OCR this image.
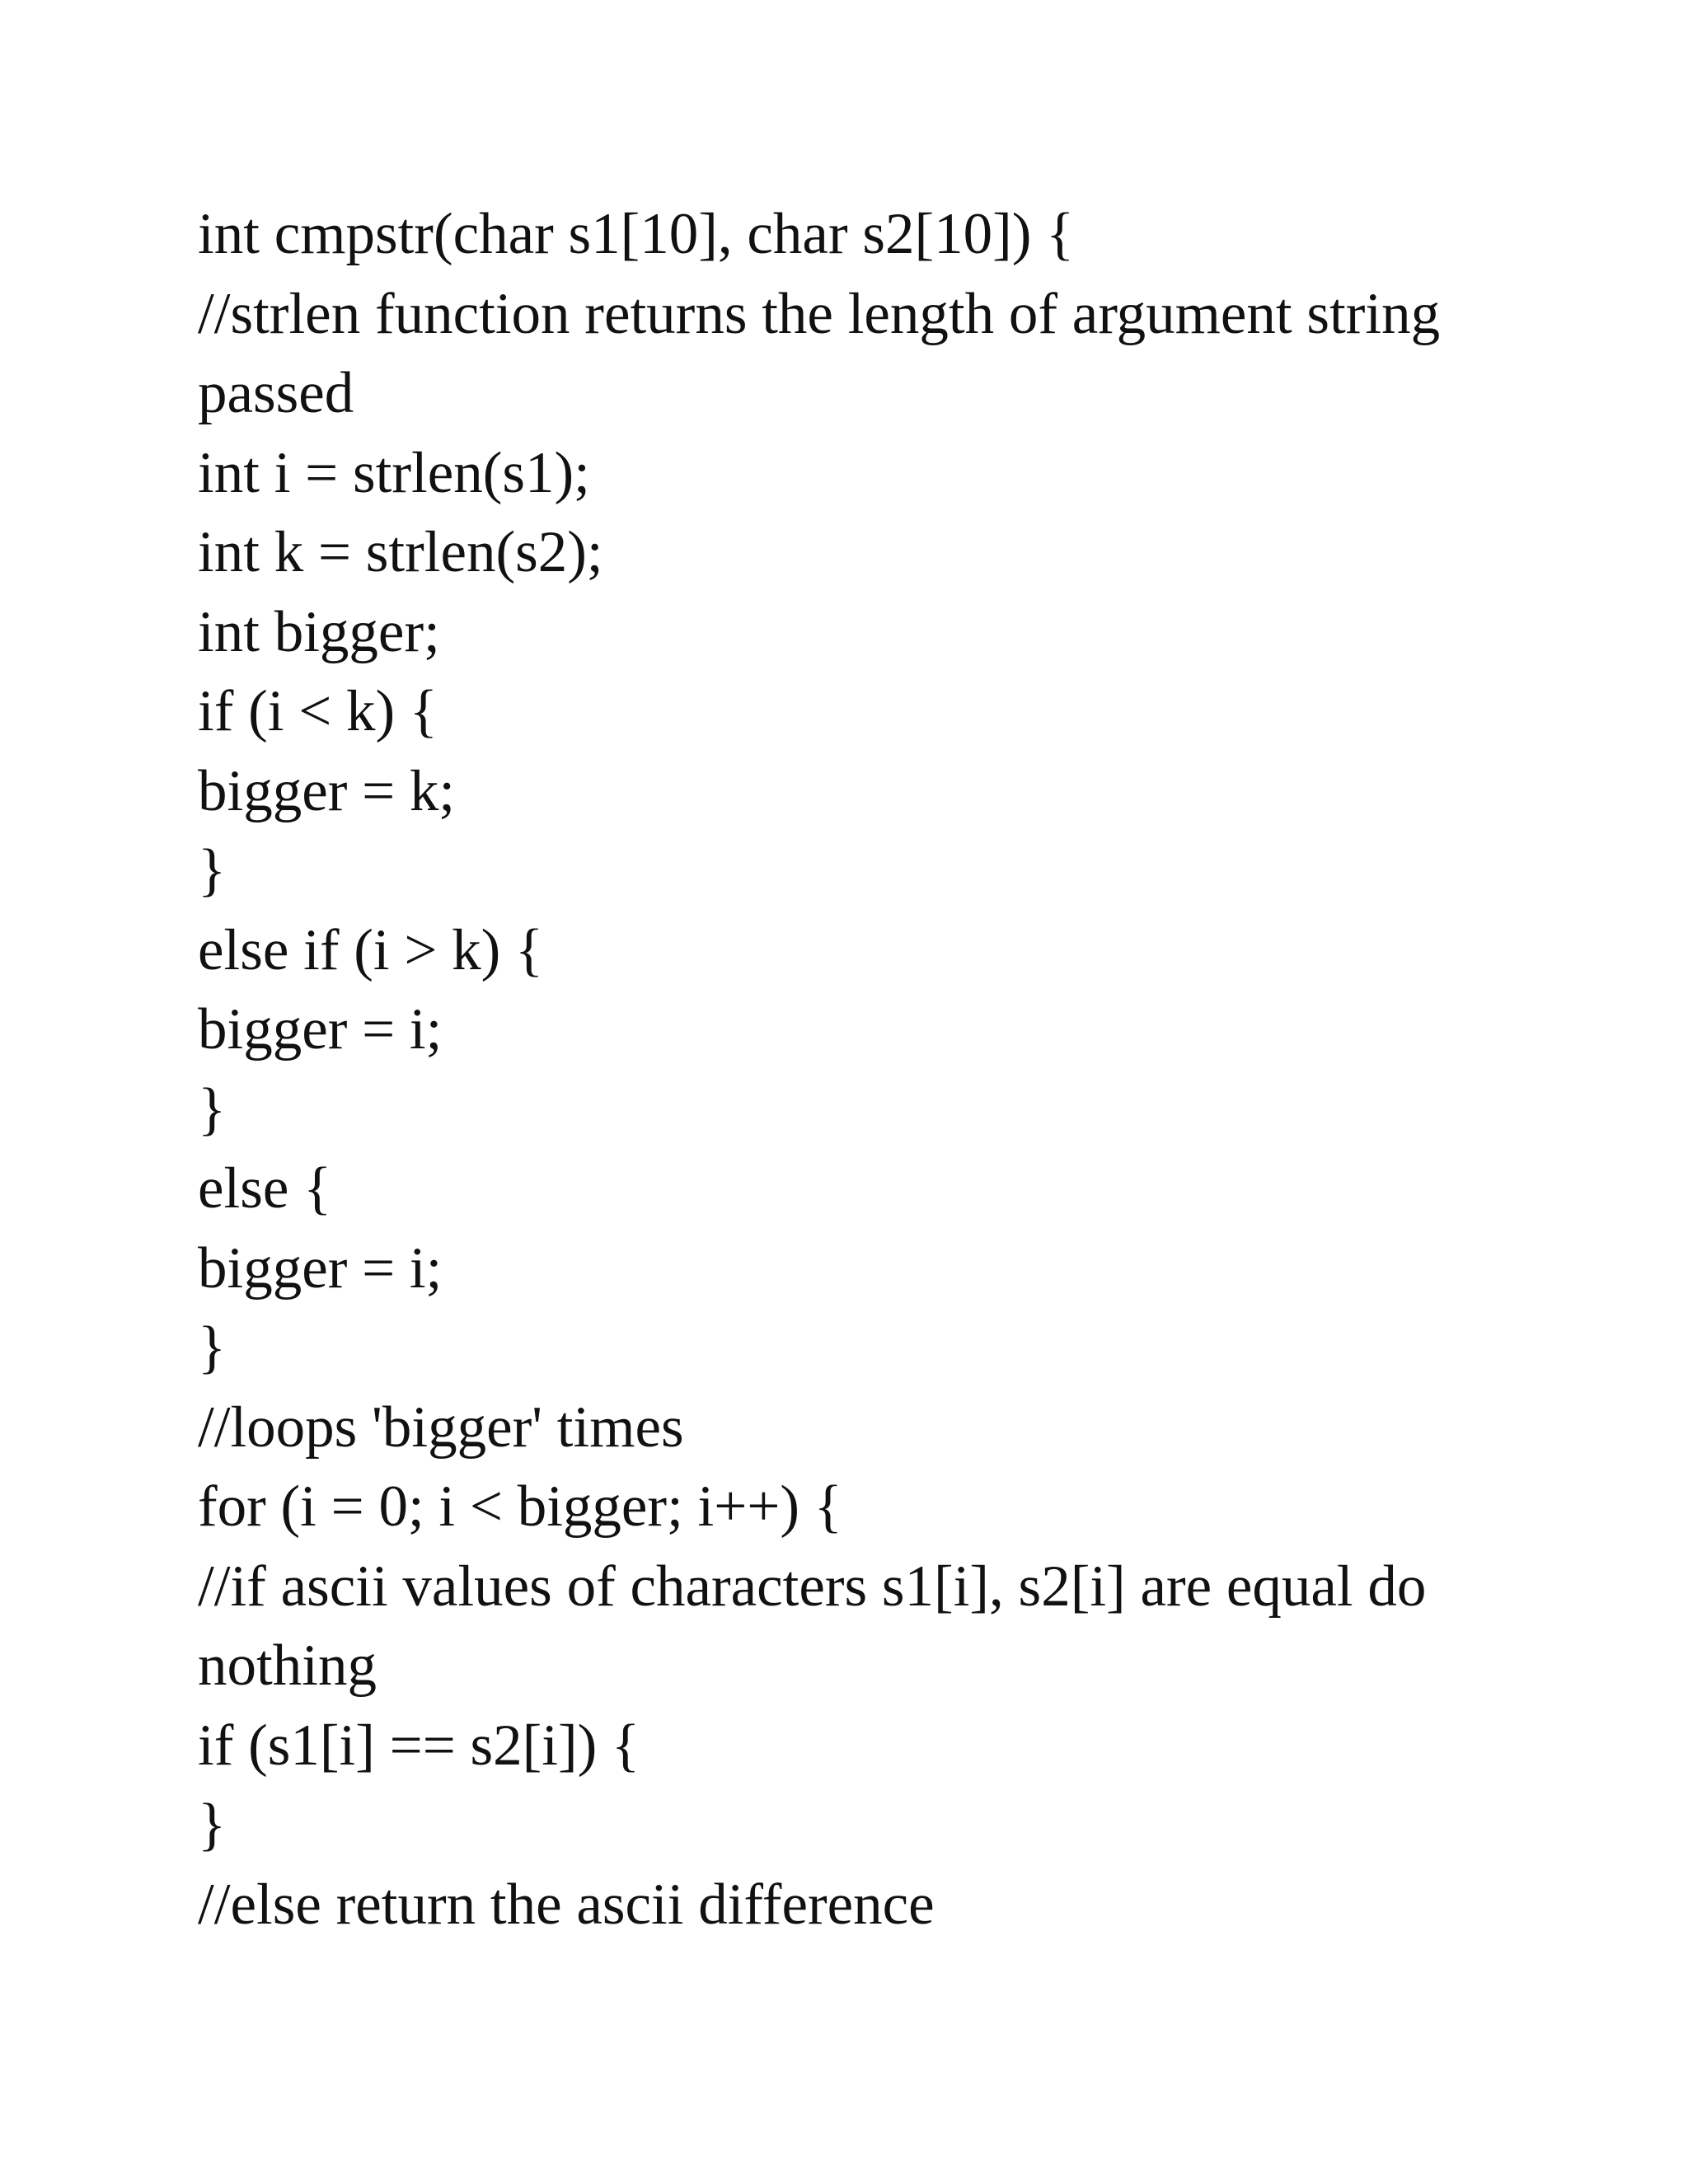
int cmpstr(char s1[10], char s2[10]) {
//strlen function returns the length of argument string
passed
int i = strlen(s1);
int k = strlen(s2);
int bigger;
if (i < k) {
bigger = k;
}
else if (i > k) {
bigger = i;
}
else {
bigger = i;
}
//loops 'bigger' times
for (i = 0; i < bigger; i++) {
//if ascii values of characters s1[i], s2[i] are equal do
nothing
if (s1[i] == s2[i]) {
}
//else return the ascii difference
